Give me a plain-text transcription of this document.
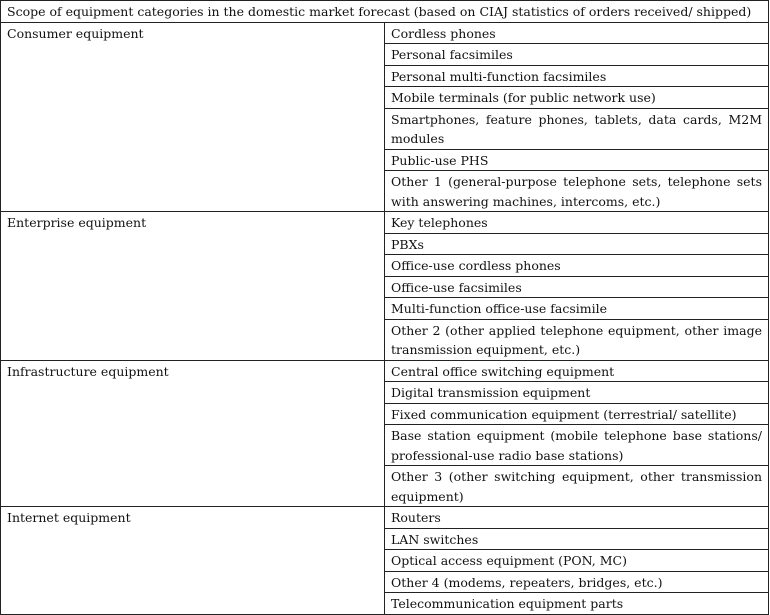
Scope of equipment categories in the domestic market forecast (based on CIAJ statistics of orders received/ shipped)	
Consumer equipment	Cordless phones
	Personal facsimiles
	Personal multi-function facsimiles
	Mobile terminals (for public network use)
	Smartphones, feature phones, tablets, data cards, M2M modules
	Public-use PHS
	Other 1 (general-purpose telephone sets, telephone sets with answering machines, intercoms, etc.)
Enterprise equipment	Key telephones
	PBXs
	Office-use cordless phones
	Office-use facsimiles
	Multi-function office-use facsimile
	Other 2 (other applied telephone equipment, other image transmission equipment, etc.)
Infrastructure equipment	Central office switching equipment
	Digital transmission equipment
	Fixed communication equipment (terrestrial/ satellite)
	Base station equipment (mobile telephone base stations/ professional-use radio base stations)
	Other 3 (other switching equipment, other transmission equipment)
Internet equipment	Routers
	LAN switches
	Optical access equipment (PON, MC)
	Other 4 (modems, repeaters, bridges, etc.)
	Telecommunication equipment parts
